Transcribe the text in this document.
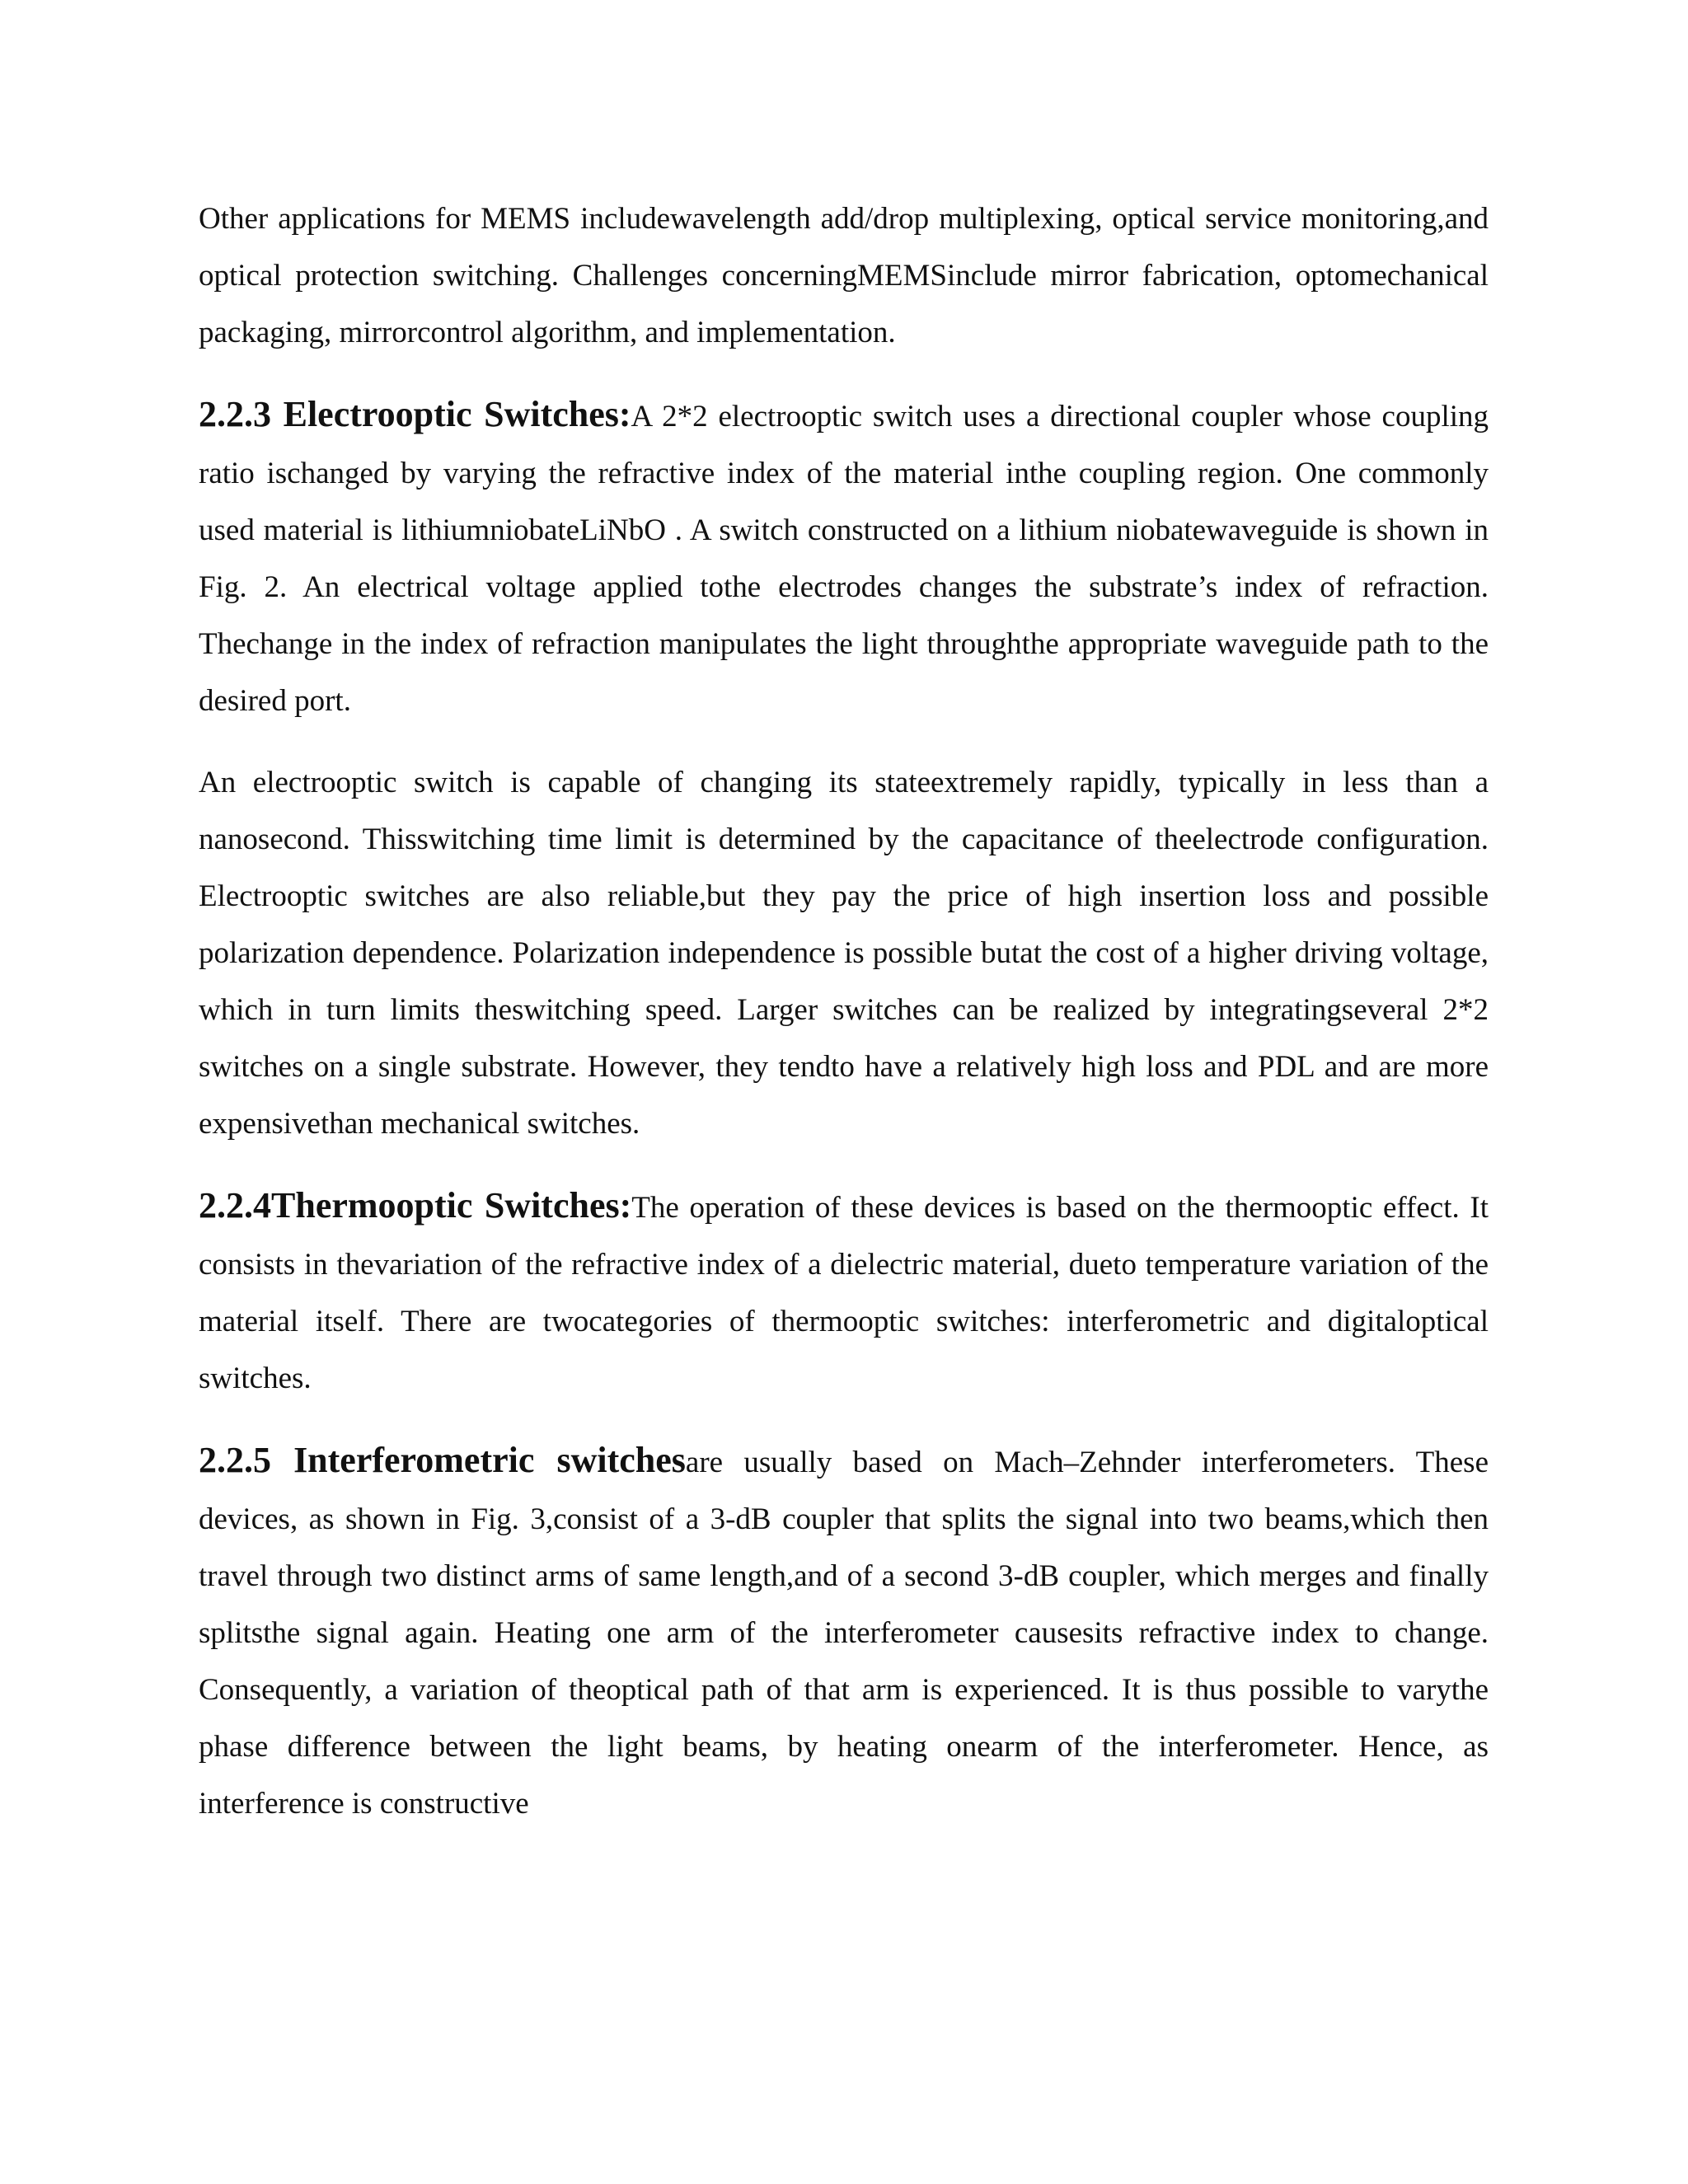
Other applications for MEMS includewavelength add/drop multiplexing, optical service monitoring,and optical protection switching. Challenges concerningMEMSinclude mirror fabrication, optomechanical packaging, mirrorcontrol algorithm, and implementation.

2.2.3 Electrooptic Switches:A 2*2 electrooptic switch uses a directional coupler whose coupling ratio ischanged by varying the refractive index of the material inthe coupling region. One commonly used material is lithiumniobateLiNbO . A switch constructed on a lithium niobatewaveguide is shown in Fig. 2. An electrical voltage applied tothe electrodes changes the substrate’s index of refraction. Thechange in the index of refraction manipulates the light throughthe appropriate waveguide path to the desired port.

An electrooptic switch is capable of changing its stateextremely rapidly, typically in less than a nanosecond. Thisswitching time limit is determined by the capacitance of theelectrode configuration. Electrooptic switches are also reliable,but they pay the price of high insertion loss and possible polarization dependence. Polarization independence is possible butat the cost of a higher driving voltage, which in turn limits theswitching speed. Larger switches can be realized by integratingseveral 2*2 switches on a single substrate. However, they tendto have a relatively high loss and PDL and are more expensivethan mechanical switches.

2.2.4Thermooptic Switches:The operation of these devices is based on the thermooptic effect. It consists in thevariation of the refractive index of a dielectric material, dueto temperature variation of the material itself. There are twocategories of thermooptic switches: interferometric and digitaloptical switches.

2.2.5 Interferometric switchesare usually based on Mach–Zehnder interferometers. These devices, as shown in Fig. 3,consist of a 3-dB coupler that splits the signal into two beams,which then travel through two distinct arms of same length,and of a second 3-dB coupler, which merges and finally splitsthe signal again. Heating one arm of the interferometer causesits refractive index to change. Consequently, a variation of theoptical path of that arm is experienced. It is thus possible to varythe phase difference between the light beams, by heating onearm of the interferometer. Hence, as interference is constructive
